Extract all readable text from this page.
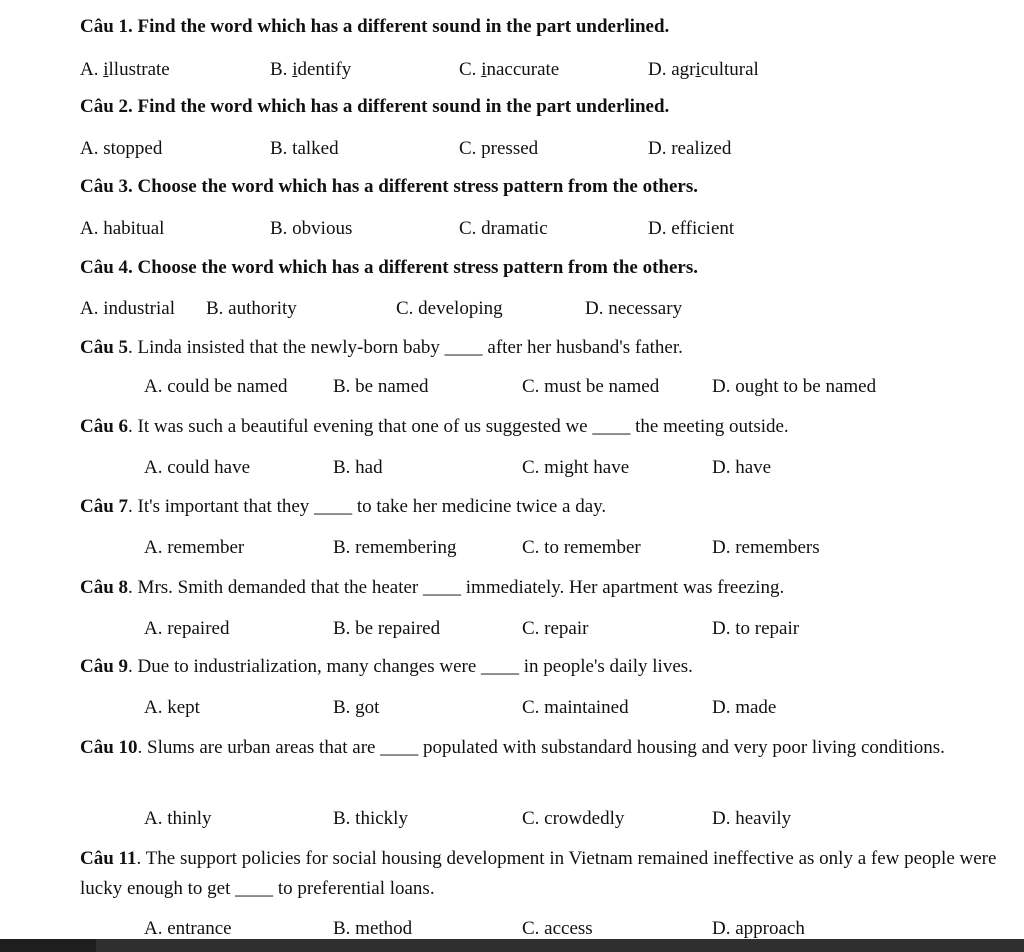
Câu 1. Find the word which has a different sound in the part underlined.

A. illustrate	B. identify	C. inaccurate	D. agricultural

Câu 2. Find the word which has a different sound in the part underlined.

A. stopped	B. talked	C. pressed	D. realized

Câu 3. Choose the word which has a different stress pattern from the others.

A. habitual	B. obvious	C. dramatic	D. efficient

Câu 4. Choose the word which has a different stress pattern from the others.

A. industrial B. authority	C. developing	D. necessary

Câu 5. Linda insisted that the newly-born baby ____ after her husband's father.

A. could be named B. be named	C. must be named	D. ought to be named

Câu 6. It was such a beautiful evening that one of us suggested we ____ the meeting outside.

A. could have	B. had	C. might have	D. have

Câu 7. It's important that they ____ to take her medicine twice a day.

A. remember	B. remembering	C. to remember	D. remembers

Câu 8. Mrs. Smith demanded that the heater ____ immediately. Her apartment was freezing.

A. repaired	B. be repaired	C. repair	D. to repair

Câu 9. Due to industrialization, many changes were ____ in people's daily lives.

A. kept	B. got	C. maintained	D. made

Câu 10. Slums are urban areas that are ____ populated with substandard housing and very poor living conditions.

A. thinly	B. thickly	C. crowdedly	D. heavily

Câu 11. The support policies for social housing development in Vietnam remained ineffective as only a few people were lucky enough to get ____ to preferential loans.

A. entrance	B. method	C. access	D. approach
